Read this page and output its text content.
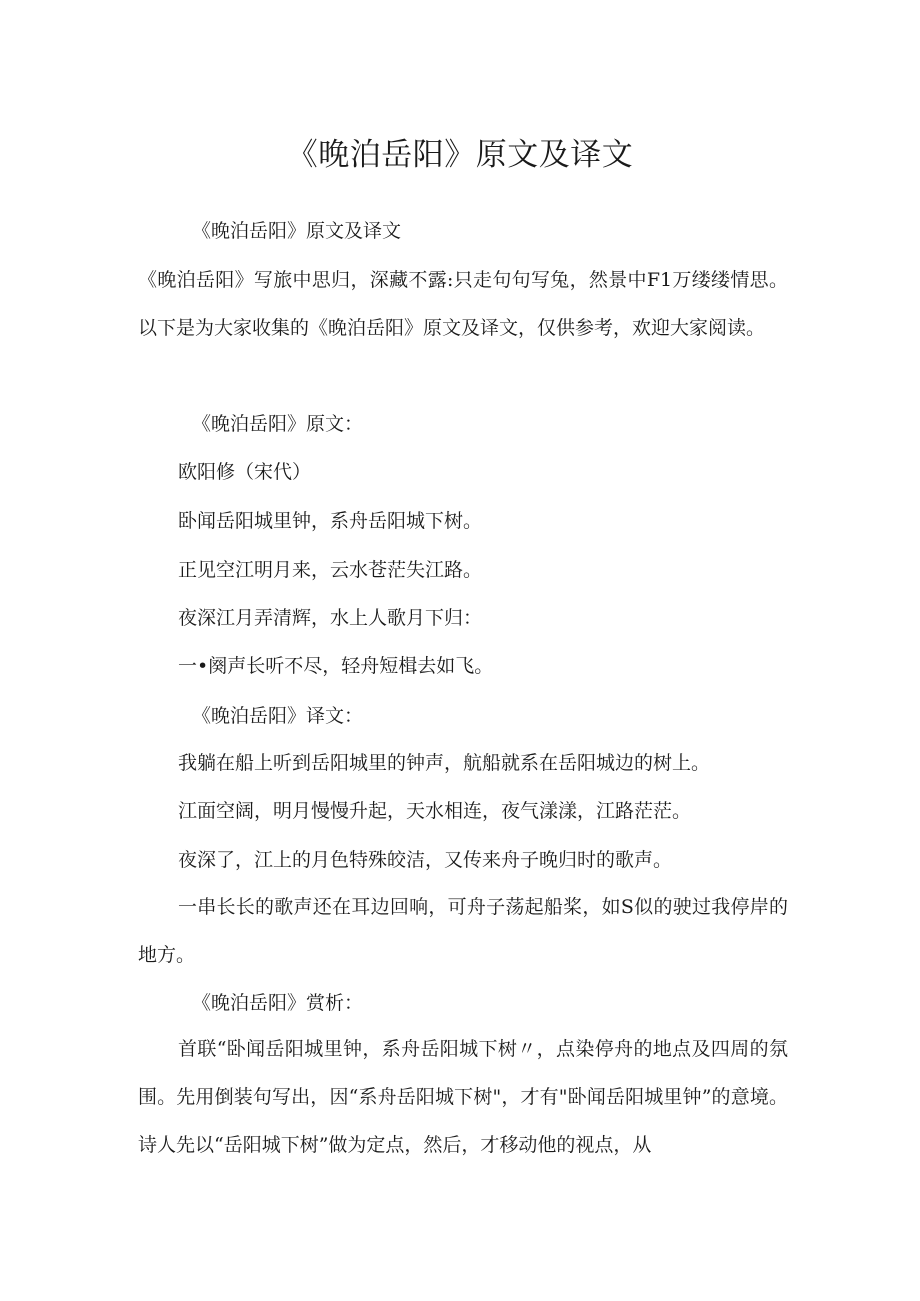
《晚泊岳阳》原文及译文

《晚泊岳阳》原文及译文

《晚泊岳阳》写旅中思归，深藏不露:只走句句写兔，然景中F1万缕缕情思。以下是为大家收集的《晚泊岳阳》原文及译文，仅供参考，欢迎大家阅读。

《晚泊岳阳》原文：

欧阳修（宋代）

卧闻岳阳城里钟，系舟岳阳城下树。

正见空江明月来，云水苍茫失江路。

夜深江月弄清辉，水上人歌月下归：

一•阕声长听不尽，轻舟短楫去如飞。

《晚泊岳阳》译文：

我躺在船上听到岳阳城里的钟声，航船就系在岳阳城边的树上。

江面空阔，明月慢慢升起，天水相连，夜气漾漾，江路茫茫。

夜深了，江上的月色特殊皎洁，又传来舟子晚归时的歌声。

一串长长的歌声还在耳边回响，可舟子荡起船桨，如S似的驶过我停岸的地方。

《晚泊岳阳》赏析：

首联“卧闻岳阳城里钟，系舟岳阳城下树〃，点染停舟的地点及四周的氛围。先用倒装句写出，因“系舟岳阳城下树"，才有"卧闻岳阳城里钟”的意境。诗人先以“岳阳城下树”做为定点，然后，才移动他的视点，从
